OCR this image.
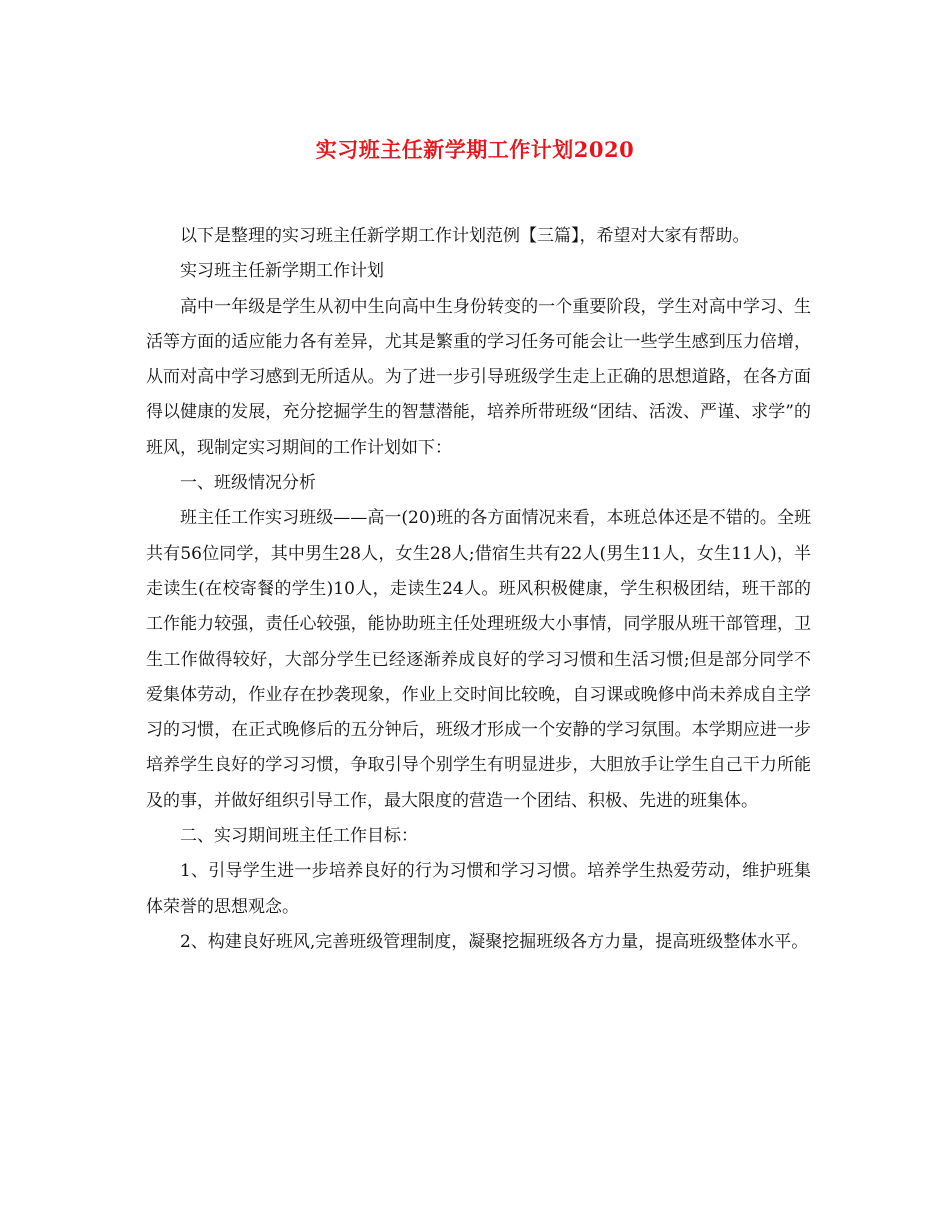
实习班主任新学期工作计划2020

以下是整理的实习班主任新学期工作计划范例【三篇】，希望对大家有帮助。

实习班主任新学期工作计划

高中一年级是学生从初中生向高中生身份转变的一个重要阶段，学生对高中学习、生活等方面的适应能力各有差异，尤其是繁重的学习任务可能会让一些学生感到压力倍增，从而对高中学习感到无所适从。为了进一步引导班级学生走上正确的思想道路，在各方面得以健康的发展，充分挖掘学生的智慧潜能，培养所带班级“团结、活泼、严谨、求学”的班风，现制定实习期间的工作计划如下：

一、班级情况分析

班主任工作实习班级——高一(20)班的各方面情况来看，本班总体还是不错的。全班共有56位同学，其中男生28人，女生28人;借宿生共有22人(男生11人，女生11人)，半走读生(在校寄餐的学生)10人，走读生24人。班风积极健康，学生积极团结，班干部的工作能力较强，责任心较强，能协助班主任处理班级大小事情，同学服从班干部管理，卫生工作做得较好，大部分学生已经逐渐养成良好的学习习惯和生活习惯;但是部分同学不爱集体劳动，作业存在抄袭现象，作业上交时间比较晚，自习课或晚修中尚未养成自主学习的习惯，在正式晚修后的五分钟后，班级才形成一个安静的学习氛围。本学期应进一步培养学生良好的学习习惯，争取引导个别学生有明显进步，大胆放手让学生自己干力所能及的事，并做好组织引导工作，最大限度的营造一个团结、积极、先进的班集体。

二、实习期间班主任工作目标：

1、引导学生进一步培养良好的行为习惯和学习习惯。培养学生热爱劳动，维护班集体荣誉的思想观念。

2、构建良好班风,完善班级管理制度，凝聚挖掘班级各方力量，提高班级整体水平。
